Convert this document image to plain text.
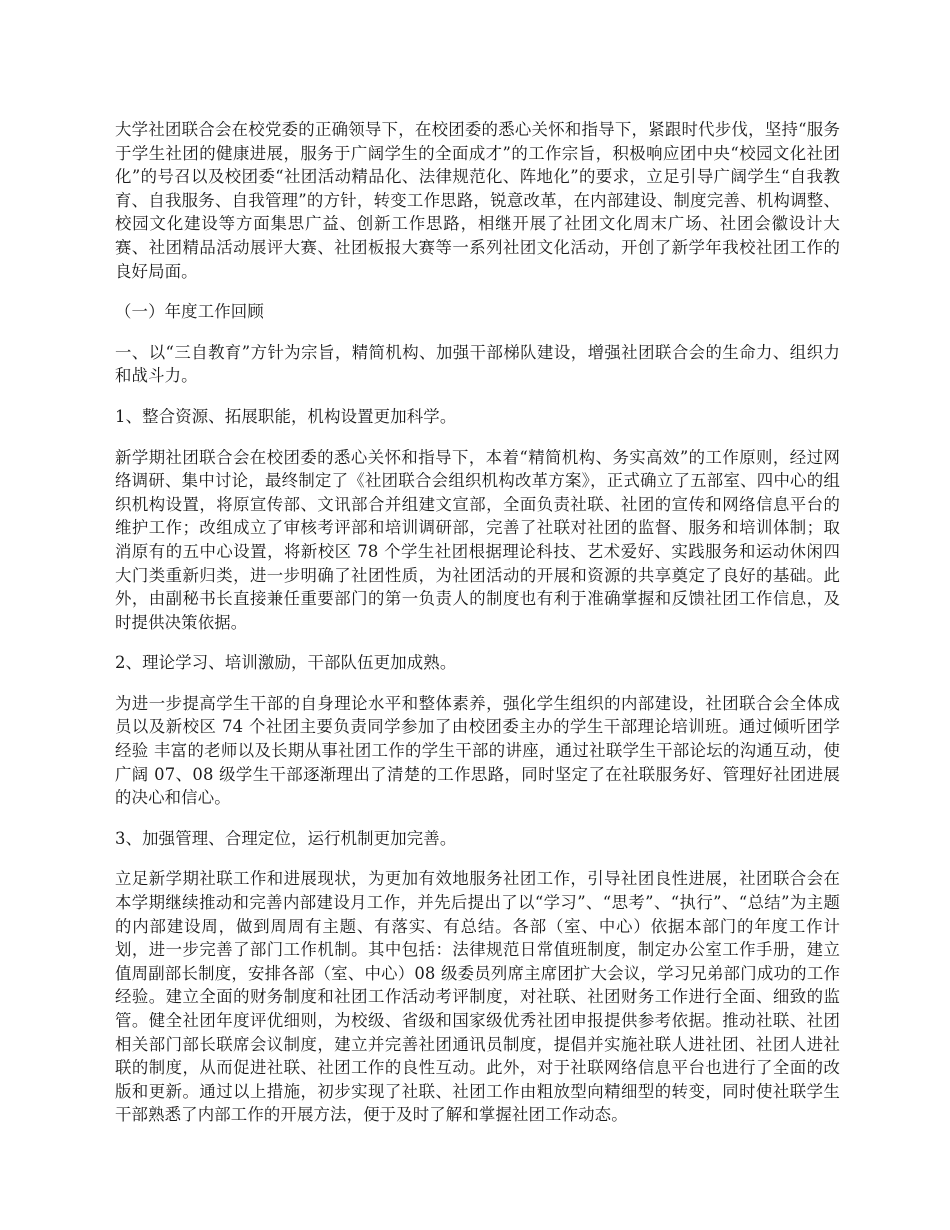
大学社团联合会在校党委的正确领导下，在校团委的悉心关怀和指导下，紧跟时代步伐，坚持“服务于学生社团的健康进展，服务于广阔学生的全面成才”的工作宗旨，积极响应团中央“校园文化社团化”的号召以及校团委“社团活动精品化、法律规范化、阵地化”的要求，立足引导广阔学生“自我教育、自我服务、自我管理”的方针，转变工作思路，锐意改革，在内部建设、制度完善、机构调整、校园文化建设等方面集思广益、创新工作思路，相继开展了社团文化周末广场、社团会徽设计大赛、社团精品活动展评大赛、社团板报大赛等一系列社团文化活动，开创了新学年我校社团工作的良好局面。

（一）年度工作回顾

一、以“三自教育”方针为宗旨，精简机构、加强干部梯队建设，增强社团联合会的生命力、组织力和战斗力。

1、整合资源、拓展职能，机构设置更加科学。

新学期社团联合会在校团委的悉心关怀和指导下，本着“精简机构、务实高效”的工作原则，经过网络调研、集中讨论，最终制定了《社团联合会组织机构改革方案》，正式确立了五部室、四中心的组织机构设置，将原宣传部、文讯部合并组建文宣部，全面负责社联、社团的宣传和网络信息平台的维护工作；改组成立了审核考评部和培训调研部，完善了社联对社团的监督、服务和培训体制；取消原有的五中心设置，将新校区 78 个学生社团根据理论科技、艺术爱好、实践服务和运动休闲四大门类重新归类，进一步明确了社团性质，为社团活动的开展和资源的共享奠定了良好的基础。此外，由副秘书长直接兼任重要部门的第一负责人的制度也有利于准确掌握和反馈社团工作信息，及时提供决策依据。

2、理论学习、培训激励，干部队伍更加成熟。

为进一步提高学生干部的自身理论水平和整体素养，强化学生组织的内部建设，社团联合会全体成员以及新校区 74 个社团主要负责同学参加了由校团委主办的学生干部理论培训班。通过倾听团学经验 丰富的老师以及长期从事社团工作的学生干部的讲座，通过社联学生干部论坛的沟通互动，使广阔 07、08 级学生干部逐渐理出了清楚的工作思路，同时坚定了在社联服务好、管理好社团进展的决心和信心。

3、加强管理、合理定位，运行机制更加完善。

立足新学期社联工作和进展现状，为更加有效地服务社团工作，引导社团良性进展，社团联合会在本学期继续推动和完善内部建设月工作，并先后提出了以“学习”、“思考”、“执行”、“总结”为主题的内部建设周，做到周周有主题、有落实、有总结。各部（室、中心）依据本部门的年度工作计划，进一步完善了部门工作机制。其中包括：法律规范日常值班制度，制定办公室工作手册，建立值周副部长制度，安排各部（室、中心）08 级委员列席主席团扩大会议，学习兄弟部门成功的工作经验。建立全面的财务制度和社团工作活动考评制度，对社联、社团财务工作进行全面、细致的监管。健全社团年度评优细则，为校级、省级和国家级优秀社团申报提供参考依据。推动社联、社团相关部门部长联席会议制度，建立并完善社团通讯员制度，提倡并实施社联人进社团、社团人进社联的制度，从而促进社联、社团工作的良性互动。此外，对于社联网络信息平台也进行了全面的改版和更新。通过以上措施，初步实现了社联、社团工作由粗放型向精细型的转变，同时使社联学生干部熟悉了内部工作的开展方法，便于及时了解和掌握社团工作动态。
